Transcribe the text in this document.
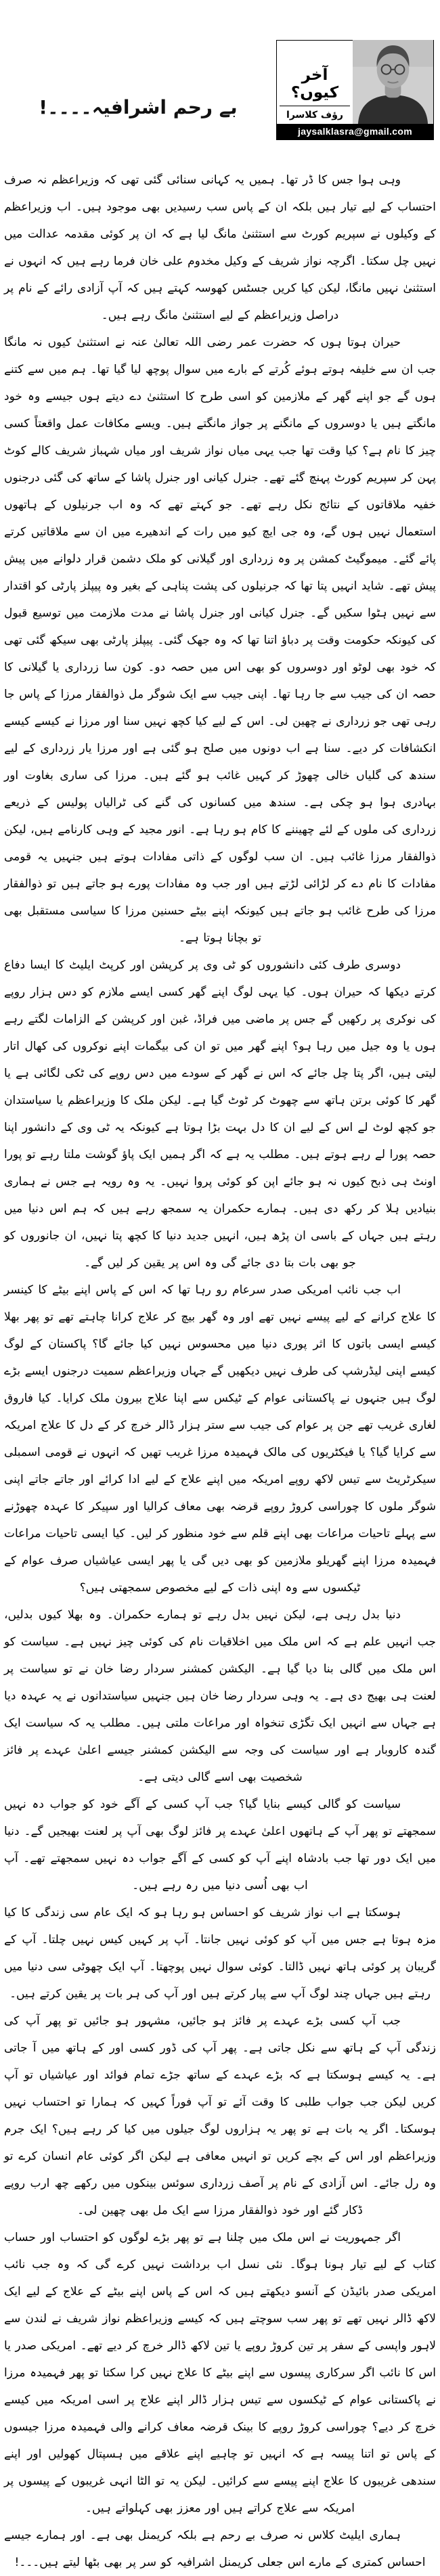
بے رحم اشرافیہ۔۔۔۔!
آخر کیوں؟
رؤف کلاسرا
jaysalklasra@gmail.com

وہی ہوا جس کا ڈر تھا۔ ہمیں یہ کہانی سنائی گئی تھی کہ وزیراعظم نہ صرف احتساب کے لیے تیار ہیں بلکہ ان کے پاس سب رسیدیں بھی موجود ہیں۔ اب وزیراعظم کے وکیلوں نے سپریم کورٹ سے استثنیٰ مانگ لیا ہے کہ ان پر کوئی مقدمہ عدالت میں نہیں چل سکتا۔ اگرچہ نواز شریف کے وکیل مخدوم علی خان فرما رہے ہیں کہ انہوں نے استثنیٰ نہیں مانگا، لیکن کیا کریں جسٹس کھوسہ کہتے ہیں کہ آپ آزادی رائے کے نام پر دراصل وزیراعظم کے لیے استثنیٰ مانگ رہے ہیں۔

حیران ہوتا ہوں کہ حضرت عمر رضی اللہ تعالیٰ عنہ نے استثنیٰ کیوں نہ مانگا جب ان سے خلیفہ ہوتے ہوئے کُرتے کے بارے میں سوال پوچھ لیا گیا تھا۔ ہم میں سے کتنے ہوں گے جو اپنے گھر کے ملازمین کو اسی طرح کا استثنیٰ دے دیتے ہوں جیسے وہ خود مانگتے ہیں یا دوسروں کے مانگنے پر جواز مانگتے ہیں۔ ویسے مکافات عمل واقعتاً کسی چیز کا نام ہے؟ کیا وقت تھا جب یہی میاں نواز شریف اور میاں شہباز شریف کالے کوٹ پہن کر سپریم کورٹ پہنچ گئے تھے۔ جنرل کیانی اور جنرل پاشا کے ساتھ کی گئی درجنوں خفیہ ملاقاتوں کے نتائج نکل رہے تھے۔ جو کہتے تھے کہ وہ اب جرنیلوں کے ہاتھوں استعمال نہیں ہوں گے، وہ جی ایچ کیو میں رات کے اندھیرے میں ان سے ملاقاتیں کرتے پائے گئے۔ میموگیٹ کمشن پر وہ زرداری اور گیلانی کو ملک دشمن قرار دلوانے میں پیش پیش تھے۔ شاید انہیں پتا تھا کہ جرنیلوں کی پشت پناہی کے بغیر وہ پیپلز پارٹی کو اقتدار سے نہیں ہٹوا سکیں گے۔ جنرل کیانی اور جنرل پاشا نے مدت ملازمت میں توسیع قبول کی کیونکہ حکومت وقت پر دباؤ اتنا تھا کہ وہ جھک گئی۔ پیپلز پارٹی بھی سیکھ گئی تھی کہ خود بھی لوٹو اور دوسروں کو بھی اس میں حصہ دو۔ کون سا زرداری یا گیلانی کا حصہ ان کی جیب سے جا رہا تھا۔ اپنی جیب سے ایک شوگر مل ذوالفقار مرزا کے پاس جا رہی تھی جو زرداری نے چھین لی۔ اس کے لیے کیا کچھ نہیں سنا اور مرزا نے کیسے کیسے انکشافات کر دیے۔ سنا ہے اب دونوں میں صلح ہو گئی ہے اور مرزا یار زرداری کے لیے سندھ کی گلیاں خالی چھوڑ کر کہیں غائب ہو گئے ہیں۔ مرزا کی ساری بغاوت اور بہادری ہوا ہو چکی ہے۔ سندھ میں کسانوں کی گنے کی ٹرالیاں پولیس کے ذریعے زرداری کی ملوں کے لئے چھیننے کا کام ہو رہا ہے۔ انور مجید کے وہی کارنامے ہیں، لیکن ذوالفقار مرزا غائب ہیں۔ ان سب لوگوں کے ذاتی مفادات ہوتے ہیں جنہیں یہ قومی مفادات کا نام دے کر لڑائی لڑتے ہیں اور جب وہ مفادات پورے ہو جاتے ہیں تو ذوالفقار مرزا کی طرح غائب ہو جاتے ہیں کیونکہ اپنے بیٹے حسنین مرزا کا سیاسی مستقبل بھی تو بچانا ہوتا ہے۔

دوسری طرف کئی دانشوروں کو ٹی وی پر کرپشن اور کرپٹ ایلیٹ کا ایسا دفاع کرتے دیکھا کہ حیران ہوں۔ کیا یہی لوگ اپنے گھر کسی ایسے ملازم کو دس ہزار روپے کی نوکری پر رکھیں گے جس پر ماضی میں فراڈ، غبن اور کرپشن کے الزامات لگتے رہے ہوں یا وہ جیل میں رہا ہو؟ اپنے گھر میں تو ان کی بیگمات اپنے نوکروں کی کھال اتار لیتی ہیں، اگر پتا چل جائے کہ اس نے گھر کے سودے میں دس روپے کی ٹکی لگائی ہے یا گھر کا کوئی برتن ہاتھ سے چھوٹ کر ٹوٹ گیا ہے۔ لیکن ملک کا وزیراعظم یا سیاستدان جو کچھ لوٹ لے اس کے لیے ان کا دل بہت بڑا ہوتا ہے کیونکہ یہ ٹی وی کے دانشور اپنا حصہ پورا لے رہے ہوتے ہیں۔ مطلب یہ ہے کہ اگر ہمیں ایک پاؤ گوشت ملتا رہے تو پورا اونٹ ہی ذبح کیوں نہ ہو جائے اپن کو کوئی پروا نہیں۔ یہ وہ رویہ ہے جس نے ہماری بنیادیں ہلا کر رکھ دی ہیں۔ ہمارے حکمران یہ سمجھ رہے ہیں کہ ہم اس دنیا میں رہتے ہیں جہاں کے باسی ان پڑھ ہیں، انہیں جدید دنیا کا کچھ پتا نہیں، ان جانوروں کو جو بھی بات بتا دی جائے گی وہ اس پر یقین کر لیں گے۔

اب جب نائب امریکی صدر سرعام رو رہا تھا کہ اس کے پاس اپنے بیٹے کا کینسر کا علاج کرانے کے لیے پیسے نہیں تھے اور وہ گھر بیچ کر علاج کرانا چاہتے تھے تو پھر بھلا کیسے ایسی باتوں کا اثر پوری دنیا میں محسوس نہیں کیا جائے گا؟ پاکستان کے لوگ کیسے اپنی لیڈرشپ کی طرف نہیں دیکھیں گے جہاں وزیراعظم سمیت درجنوں ایسے بڑے لوگ ہیں جنہوں نے پاکستانی عوام کے ٹیکس سے اپنا علاج بیرون ملک کرایا۔ کیا فاروق لغاری غریب تھے جن پر عوام کی جیب سے ستر ہزار ڈالر خرچ کر کے دل کا علاج امریکہ سے کرایا گیا؟ یا فیکٹریوں کی مالک فہمیدہ مرزا غریب تھیں کہ انہوں نے قومی اسمبلی سیکرٹریٹ سے تیس لاکھ روپے امریکہ میں اپنے علاج کے لیے ادا کرائے اور جاتے جاتے اپنی شوگر ملوں کا چوراسی کروڑ روپے قرضہ بھی معاف کرالیا اور سپیکر کا عہدہ چھوڑنے سے پہلے تاحیات مراعات بھی اپنے قلم سے خود منظور کر لیں۔ کیا ایسی تاحیات مراعات فہمیدہ مرزا اپنے گھریلو ملازمین کو بھی دیں گی یا پھر ایسی عیاشیاں صرف عوام کے ٹیکسوں سے وہ اپنی ذات کے لیے مخصوص سمجھتی ہیں؟

دنیا بدل رہی ہے، لیکن نہیں بدل رہے تو ہمارے حکمران۔ وہ بھلا کیوں بدلیں، جب انہیں علم ہے کہ اس ملک میں اخلاقیات نام کی کوئی چیز نہیں ہے۔ سیاست کو اس ملک میں گالی بنا دیا گیا ہے۔ الیکشن کمشنر سردار رضا خان نے تو سیاست پر لعنت ہی بھیج دی ہے۔ یہ وہی سردار رضا خان ہیں جنہیں سیاستدانوں نے یہ عہدہ دیا ہے جہاں سے انہیں ایک تگڑی تنخواہ اور مراعات ملتی ہیں۔ مطلب یہ کہ سیاست ایک گندہ کاروبار ہے اور سیاست کی وجہ سے الیکشن کمشنر جیسے اعلیٰ عہدے پر فائز شخصیت بھی اسے گالی دیتی ہے۔

سیاست کو گالی کیسے بنایا گیا؟ جب آپ کسی کے آگے خود کو جواب دہ نہیں سمجھتے تو پھر آپ کے ہاتھوں اعلیٰ عہدے پر فائز لوگ بھی آپ پر لعنت بھیجیں گے۔ دنیا میں ایک دور تھا جب بادشاہ اپنے آپ کو کسی کے آگے جواب دہ نہیں سمجھتے تھے۔ آپ اب بھی اُسی دنیا میں رہ رہے ہیں۔

ہوسکتا ہے اب نواز شریف کو احساس ہو رہا ہو کہ ایک عام سی زندگی کا کیا مزہ ہوتا ہے جس میں آپ کو کوئی نہیں جانتا۔ آپ پر کہیں کیس نہیں چلتا۔ آپ کے گریبان پر کوئی ہاتھ نہیں ڈالتا۔ کوئی سوال نہیں پوچھتا۔ آپ ایک چھوٹی سی دنیا میں رہتے ہیں جہاں چند لوگ آپ سے پیار کرتے ہیں اور آپ کی ہر بات پر یقین کرتے ہیں۔

جب آپ کسی بڑے عہدے پر فائز ہو جائیں، مشہور ہو جائیں تو پھر آپ کی زندگی آپ کے ہاتھ سے نکل جاتی ہے۔ پھر آپ کی ڈور کسی اور کے ہاتھ میں آ جاتی ہے۔ یہ کیسے ہوسکتا ہے کہ بڑے عہدے کے ساتھ جڑے تمام فوائد اور عیاشیاں تو آپ کریں لیکن جب جواب طلبی کا وقت آئے تو آپ فوراً کہیں کہ ہمارا تو احتساب نہیں ہوسکتا۔ اگر یہ بات ہے تو پھر یہ ہزاروں لوگ جیلوں میں کیا کر رہے ہیں؟ ایک جرم وزیراعظم اور اس کے بچے کریں تو انہیں معافی ہے لیکن اگر کوئی عام انسان کرے تو وہ رل جائے۔ اس آزادی کے نام پر آصف زرداری سوئس بینکوں میں رکھے چھ ارب روپے ڈکار گئے اور خود ذوالفقار مرزا سے ایک مل بھی چھین لی۔

اگر جمہوریت نے اس ملک میں چلنا ہے تو پھر بڑے لوگوں کو احتساب اور حساب کتاب کے لیے تیار ہونا ہوگا۔ نئی نسل اب برداشت نہیں کرے گی کہ وہ جب نائب امریکی صدر بائیڈن کے آنسو دیکھتے ہیں کہ اس کے پاس اپنے بیٹے کے علاج کے لیے ایک لاکھ ڈالر نہیں تھے تو پھر سب سوچتے ہیں کہ کیسے وزیراعظم نواز شریف نے لندن سے لاہور واپسی کے سفر پر تین کروڑ روپے یا تین لاکھ ڈالر خرچ کر دیے تھے۔ امریکی صدر یا اس کا نائب اگر سرکاری پیسوں سے اپنے بیٹے کا علاج نہیں کرا سکتا تو پھر فہمیدہ مرزا نے پاکستانی عوام کے ٹیکسوں سے تیس ہزار ڈالر اپنے علاج پر اسی امریکہ میں کیسے خرچ کر دیے؟ چوراسی کروڑ روپے کا بینک قرضہ معاف کرانے والی فہمیدہ مرزا جیسوں کے پاس تو اتنا پیسہ ہے کہ انہیں تو چاہیے اپنے علاقے میں ہسپتال کھولیں اور اپنے سندھی غریبوں کا علاج اپنے پیسے سے کرائیں۔ لیکن یہ تو الٹا انہی غریبوں کے پیسوں پر امریکہ سے علاج کراتے ہیں اور معزز بھی کہلواتے ہیں۔

ہماری ایلیٹ کلاس نہ صرف بے رحم ہے بلکہ کریمنل بھی ہے۔ اور ہمارے جیسے احساس کمتری کے مارے اس جعلی کریمنل اشرافیہ کو سر پر بھی بٹھا لیتے ہیں۔۔۔!
